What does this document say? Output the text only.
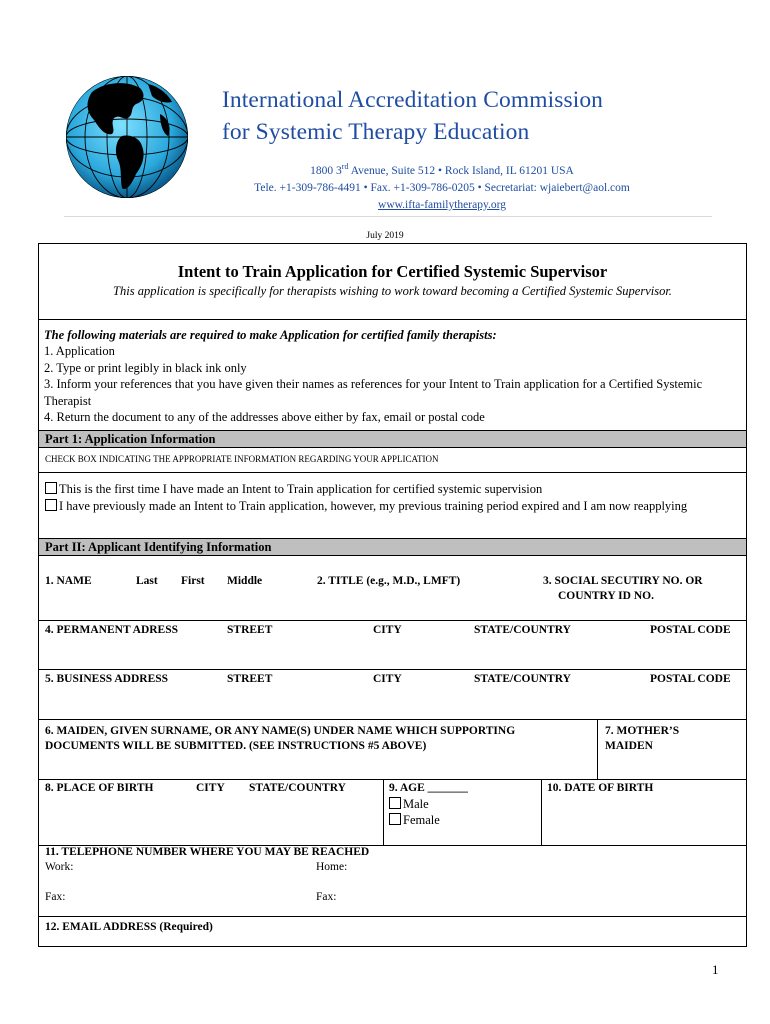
International Accreditation Commission
for Systemic Therapy Education
1800 3rd Avenue, Suite 512 • Rock Island, IL 61201 USA
Tele. +1-309-786-4491 • Fax. +1-309-786-0205 • Secretariat: wjaiebert@aol.com
www.ifta-familytherapy.org
July 2019
Intent to Train Application for Certified Systemic Supervisor
This application is specifically for therapists wishing to work toward becoming a Certified Systemic Supervisor.
The following materials are required to make Application for certified family therapists:
1. Application
2. Type or print legibly in black ink only
3. Inform your references that you have given their names as references for your Intent to Train application for a Certified Systemic Therapist
4. Return the document to any of the addresses above either by fax, email or postal code
Part 1: Application Information
CHECK BOX INDICATING THE APPROPRIATE INFORMATION REGARDING YOUR APPLICATION
This is the first time I have made an Intent to Train application for certified systemic supervision
I have previously made an Intent to Train application, however, my previous training period expired and I am now reapplying
Part II: Applicant Identifying Information
1. NAME	Last First Middle	2. TITLE (e.g., M.D., LMFT)	3. SOCIAL SECUTIRY NO. OR
COUNTRY ID NO.
4. PERMANENT ADRESS	STREET	CITY	STATE/COUNTRY	POSTAL CODE
5. BUSINESS ADDRESS	STREET	CITY	STATE/COUNTRY	POSTAL CODE
6. MAIDEN, GIVEN SURNAME, OR ANY NAME(S) UNDER NAME WHICH SUPPORTING
DOCUMENTS WILL BE SUBMITTED. (SEE INSTRUCTIONS #5 ABOVE)
7. MOTHER’S
MAIDEN
8. PLACE OF BIRTH	CITY STATE/COUNTRY	9. AGE _______
Male
Female
10. DATE OF BIRTH
11. TELEPHONE NUMBER WHERE YOU MAY BE REACHED
Work:	Home:
Fax:	Fax:
12. EMAIL ADDRESS (Required)
1
